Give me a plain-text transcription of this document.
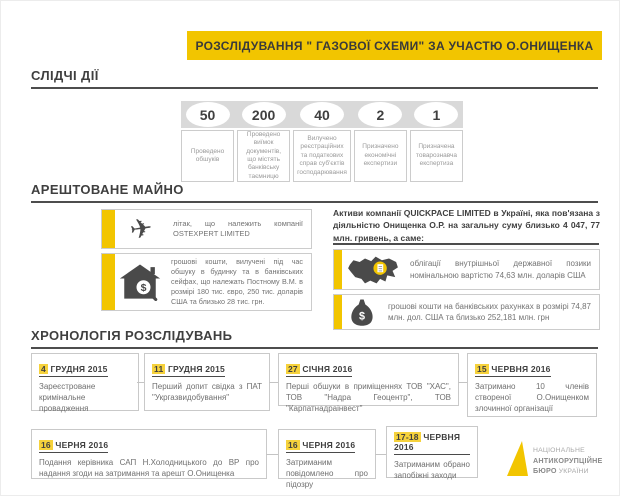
РОЗСЛІДУВАННЯ " ГАЗОВОЇ СХЕМИ" ЗА УЧАСТЮ О.ОНИЩЕНКА
СЛІДЧІ ДІЇ
50
Проведено обшуків
200
Проведено виїмок документів, що містять банківську таємницю
40
Вилучено реєстраційних та податкових справ суб'єктів господарювання
2
Призначено економічні експертизи
1
Призначена товарознавча експертиза
АРЕШТОВАНЕ МАЙНО
✈	літак, що належить компанії OSTEXPERT LIMITED
$
грошові кошти, вилучені під час обшуку в будинку та в банківських сейфах, що належать Постному В.М. в розмірі 180 тис. євро, 250 тис. доларів США та близько 28 тис. грн.
Активи компанії QUICKPACE LIMITED в Україні, яка пов'язана з діяльністю Онищенка О.Р. на загальну суму близько 4 047, 77 млн. гривень, а саме:
облігації внутрішньої державної позики номінальною вартістю 74,63 млн. доларів США
$
грошові кошти на банківських рахунках в розмірі 74,87 млн. дол. США та близько 252,181 млн. грн
ХРОНОЛОГІЯ РОЗСЛІДУВАНЬ
4 ГРУДНЯ 2015
Зареєстроване кримінальне провадження
11 ГРУДНЯ 2015
Перший допит свідка з ПАТ "Укргазвидобування"
27 СІЧНЯ 2016
Перші обшуки в приміщеннях ТОВ "ХАС", ТОВ "Надра Геоцентр", ТОВ "Карпатнадраінвест"
15 ЧЕРВНЯ 2016
Затримано 10 членів створеної О.Онищенком злочинної організації
16 ЧЕРНЯ 2016
Подання керівника САП Н.Холодницького до ВР про надання згоди на затримання та арешт О.Онищенка
16 ЧЕРНЯ 2016
Затриманим повідомлено про підозру
17-18 ЧЕРВНЯ 2016
Затриманим обрано запобіжні заходи
НАЦІОНАЛЬНЕ
АНТИКОРУПЦІЙНЕ
БЮРО УКРАЇНИ
